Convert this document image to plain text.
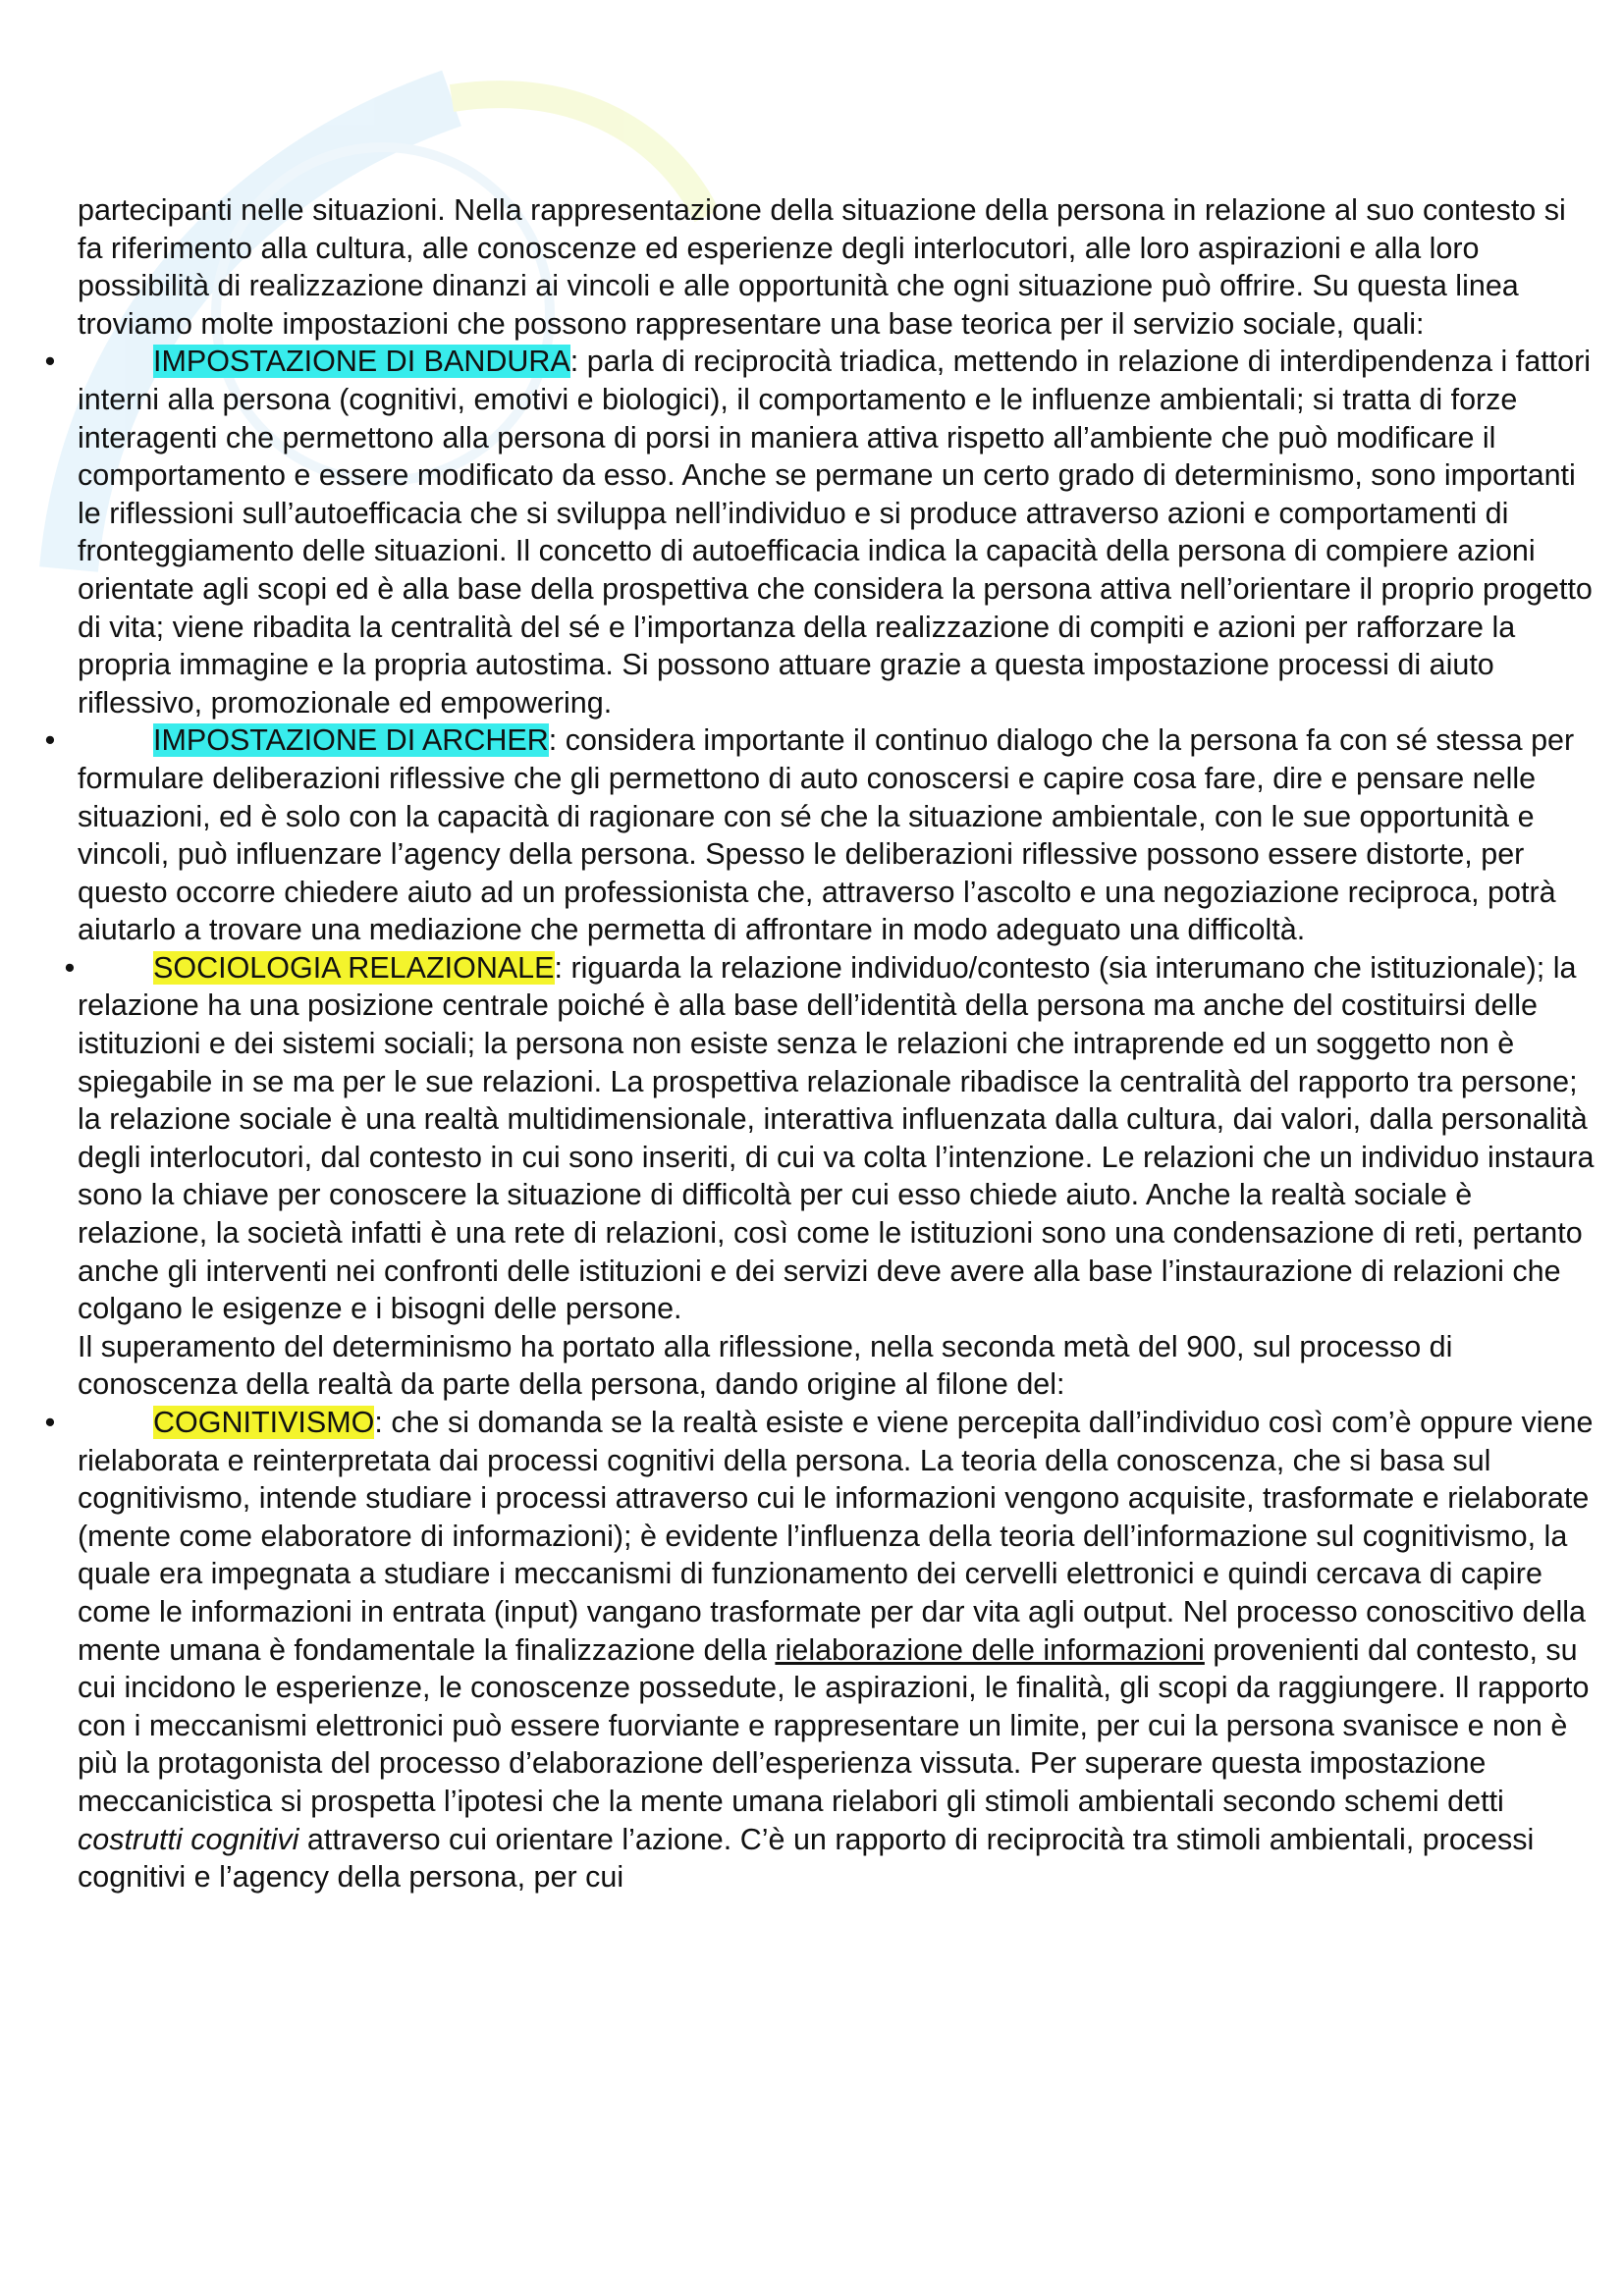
partecipanti nelle situazioni. Nella rappresentazione della situazione della persona in relazione al suo contesto si fa riferimento alla cultura, alle conoscenze ed esperienze degli interlocutori, alle loro aspirazioni e alla loro possibilità di realizzazione dinanzi ai vincoli e alle opportunità che ogni situazione può offrire. Su questa linea troviamo molte impostazioni che possono rappresentare una base teorica per il servizio sociale, quali:

•	IMPOSTAZIONE DI BANDURA: parla di reciprocità triadica, mettendo in relazione di interdipendenza i fattori interni alla persona (cognitivi, emotivi e biologici), il comportamento e le influenze ambientali; si tratta di forze interagenti che permettono alla persona di porsi in maniera attiva rispetto all’ambiente che può modificare il comportamento e essere modificato da esso. Anche se permane un certo grado di determinismo, sono importanti le riflessioni sull’autoefficacia che si sviluppa nell’individuo e si produce attraverso azioni e comportamenti di fronteggiamento delle situazioni. Il concetto di autoefficacia indica la capacità della persona di compiere azioni orientate agli scopi ed è alla base della prospettiva che considera la persona attiva nell’orientare il proprio progetto di vita; viene ribadita la centralità del sé e l’importanza della realizzazione di compiti e azioni per rafforzare la propria immagine e la propria autostima. Si possono attuare grazie a questa impostazione processi di aiuto riflessivo, promozionale ed empowering.
•	IMPOSTAZIONE DI ARCHER: considera importante il continuo dialogo che la persona fa con sé stessa per formulare deliberazioni riflessive che gli permettono di auto conoscersi e capire cosa fare, dire e pensare nelle situazioni, ed è solo con la capacità di ragionare con sé che la situazione ambientale, con le sue opportunità e vincoli, può influenzare l’agency della persona. Spesso le deliberazioni riflessive possono essere distorte, per questo occorre chiedere aiuto ad un professionista che, attraverso l’ascolto e una negoziazione reciproca, potrà aiutarlo a trovare una mediazione che permetta di affrontare in modo adeguato una difficoltà.
•	SOCIOLOGIA RELAZIONALE: riguarda la relazione individuo/contesto (sia interumano che istituzionale); la relazione ha una posizione centrale poiché è alla base dell’identità della persona ma anche del costituirsi delle istituzioni e dei sistemi sociali; la persona non esiste senza le relazioni che intraprende ed un soggetto non è spiegabile in se ma per le sue relazioni. La prospettiva relazionale ribadisce la centralità del rapporto tra persone;

la relazione sociale è una realtà multidimensionale, interattiva influenzata dalla cultura, dai valori, dalla personalità degli interlocutori, dal contesto in cui sono inseriti, di cui va colta l’intenzione. Le relazioni che un individuo instaura sono la chiave per conoscere la situazione di difficoltà per cui esso chiede aiuto. Anche la realtà sociale è relazione, la società infatti è una rete di relazioni, così come le istituzioni sono una condensazione di reti, pertanto anche gli interventi nei confronti delle istituzioni e dei servizi deve avere alla base l’instaurazione di relazioni che colgano le esigenze e i bisogni delle persone.

Il superamento del determinismo ha portato alla riflessione, nella seconda metà del 900, sul processo di conoscenza della realtà da parte della persona, dando origine al filone del:

•	COGNITIVISMO: che si domanda se la realtà esiste e viene percepita dall’individuo così com’è oppure viene rielaborata e reinterpretata dai processi cognitivi della persona. La teoria della conoscenza, che si basa sul cognitivismo, intende studiare i processi attraverso cui le informazioni vengono acquisite, trasformate e rielaborate (mente come elaboratore di informazioni); è evidente l’influenza della teoria dell’informazione sul cognitivismo, la quale era impegnata a studiare i meccanismi di funzionamento dei cervelli elettronici e quindi cercava di capire come le informazioni in entrata (input) vangano trasformate per dar vita agli output. Nel processo conoscitivo della mente umana è fondamentale la finalizzazione della rielaborazione delle informazioni provenienti dal contesto, su cui incidono le esperienze, le conoscenze possedute, le aspirazioni, le finalità, gli scopi da raggiungere. Il rapporto con i meccanismi elettronici può essere fuorviante e rappresentare un limite, per cui la persona svanisce e non è più la protagonista del processo d’elaborazione dell’esperienza vissuta. Per superare questa impostazione meccanicistica si prospetta l’ipotesi che la mente umana rielabori gli stimoli ambientali secondo schemi detti costrutti cognitivi attraverso cui orientare l’azione. C’è un rapporto di reciprocità tra stimoli ambientali, processi cognitivi e l’agency della persona, per cui
